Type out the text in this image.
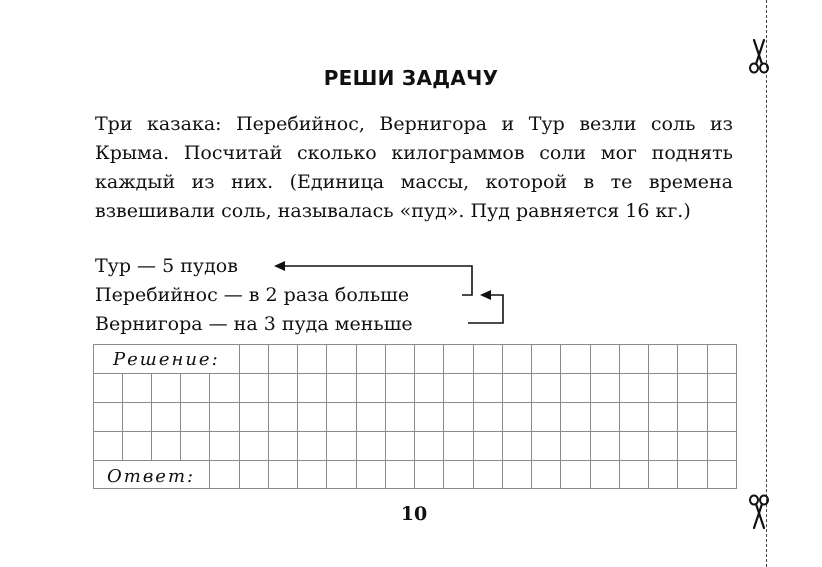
РЕШИ ЗАДАЧУ
Три казака: Перебийнос, Вернигора и Тур везли соль из Крыма. Посчитай сколько килограммов соли мог поднять каждый из них. (Единица массы, которой в те времена взвешивали соль, называлась «пуд». Пуд равняется 16 кг.)
Тур — 5 пудов
Перебийнос — в 2 раза больше
Вернигора — на 3 пуда меньше
Решение:
Ответ:
10
